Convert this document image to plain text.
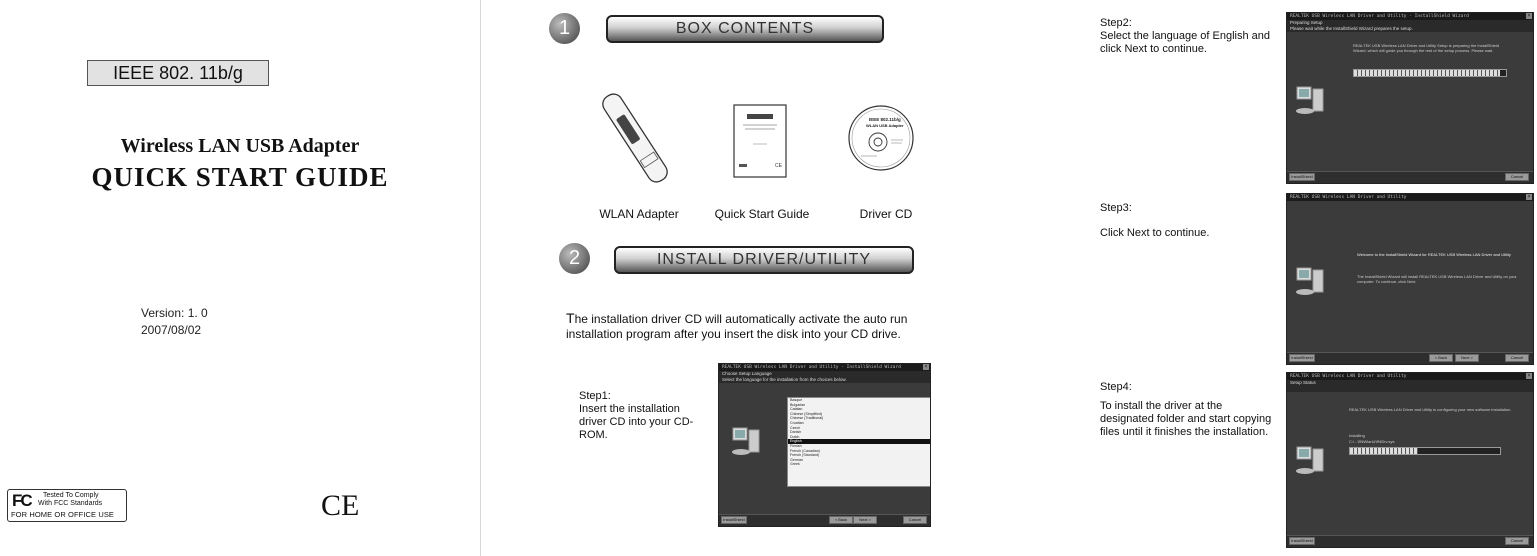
IEEE 802. 11b/g
Wireless LAN USB Adapter
QUICK START GUIDE
Version: 1. 0
2007/08/02
FC Tested To Comply
With FCC Standards
FOR HOME OR OFFICE USE	CE
1	BOX CONTENTS
CE
IEEE 802.11b/g
WLAN USB Adapter
WLAN Adapter	Quick Start Guide	Driver CD
2	INSTALL DRIVER/UTILITY
The installation driver CD will automatically activate the auto run installation program after you insert the disk into your CD drive.
Step1:
Insert the installation driver CD into your CD- ROM.
REALTEK USB Wireless LAN Driver and Utility - InstallShield Wizard	×
Choose Setup Language
Select the language for the installation from the choices below.
Basque
Bulgarian
Catalan
Chinese (Simplified)
Chinese (Traditional)
Croatian
Czech
Danish
Dutch
English
Finnish
French (Canadian)
French (Standard)
German
Greek
InstallShield	< Back	Next >	Cancel
Step2:
Select the language of English and click Next to continue.
REALTEK USB Wireless LAN Driver and Utility - InstallShield Wizard	×
Preparing Setup
Please wait while the InstallShield Wizard prepares the setup.
REALTEK USB Wireless LAN Driver and Utility Setup is preparing the InstallShield Wizard, which will guide you through the rest of the setup process. Please wait.
InstallShield	Cancel
Step3:
Click Next to continue.
REALTEK USB Wireless LAN Driver and Utility	×
Welcome to the InstallShield Wizard for REALTEK USB Wireless LAN Driver and Utility
The InstallShield Wizard will install REALTEK USB Wireless LAN Driver and Utility on your computer. To continue, click Next.
InstallShield	< Back	Next >	Cancel
Step4:
To install the driver at the designated folder and start copying files until it finishes the installation.
REALTEK USB Wireless LAN Driver and Utility	×
Setup Status
REALTEK USB Wireless LAN Driver and Utility is configuring your new software installation.
Installing
C:\...\RtlWlanU\RtlDrv.sys
InstallShield	Cancel
